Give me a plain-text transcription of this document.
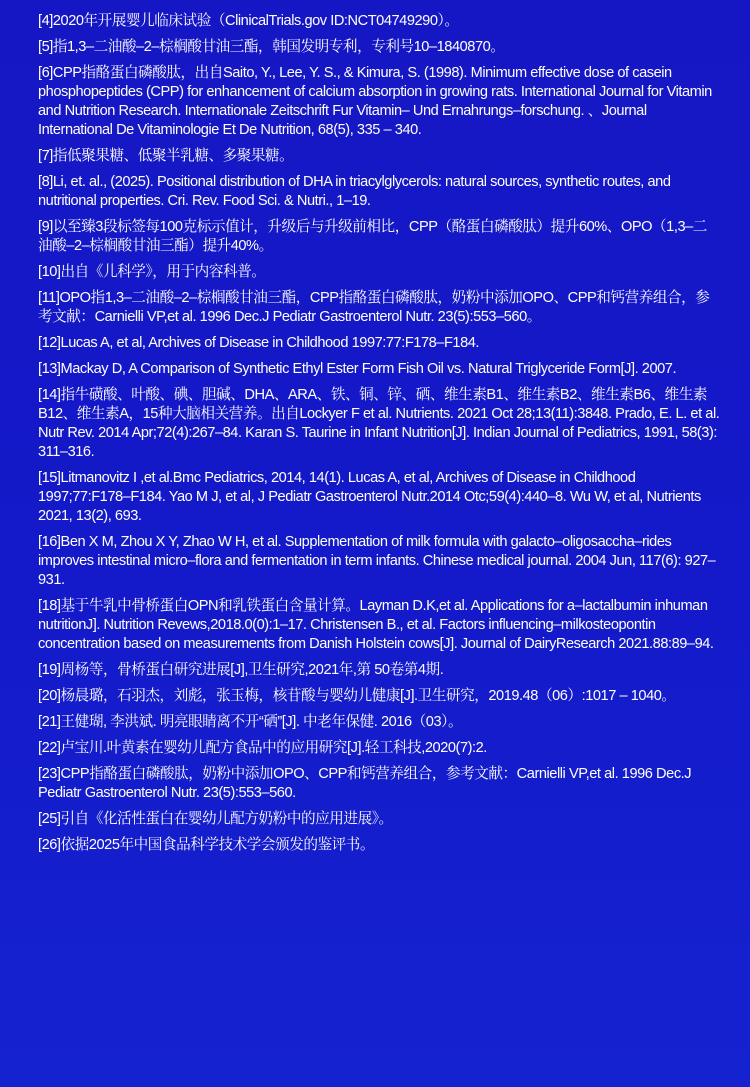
[4]2020年开展婴儿临床试验（ClinicalTrials.gov ID:NCT04749290）。
[5]指1,3–二油酸–2–棕榈酸甘油三酯，韩国发明专利，专利号10–1840870。
[6]CPP指酪蛋白磷酸肽，出自Saito, Y., Lee, Y. S., & Kimura, S. (1998). Minimum effective dose of casein phosphopeptides (CPP) for enhancement of calcium absorption in growing rats. International Journal for Vitamin and Nutrition Research. Internationale Zeitschrift Fur Vitamin– Und Ernahrungs–forschung. 、Journal International De Vitaminologie Et De Nutrition, 68(5), 335 – 340.
[7]指低聚果糖、低聚半乳糖、多聚果糖。
[8]Li, et. al., (2025). Positional distribution of DHA in triacylglycerols: natural sources, synthetic routes, and nutritional properties. Cri. Rev. Food Sci. & Nutri., 1–19.
[9]以至臻3段标签每100克标示值计，升级后与升级前相比，CPP（酪蛋白磷酸肽）提升60%、OPO（1,3–二油酸–2–棕榈酸甘油三酯）提升40%。
[10]出自《儿科学》，用于内容科普。
[11]OPO指1,3–二油酸–2–棕榈酸甘油三酯，CPP指酪蛋白磷酸肽，奶粉中添加OPO、CPP和钙营养组合，参考文献：Carnielli VP,et al. 1996 Dec.J Pediatr Gastroenterol Nutr. 23(5):553–560。
[12]Lucas A, et al, Archives of Disease in Childhood 1997:77:F178–F184.
[13]Mackay D, A Comparison of Synthetic Ethyl Ester Form Fish Oil vs. Natural Triglyceride Form[J]. 2007.
[14]指牛磺酸、叶酸、碘、胆碱、DHA、ARA、铁、铜、锌、硒、维生素B1、维生素B2、维生素B6、维生素B12、维生素A，15种大脑相关营养。出自Lockyer F et al. Nutrients. 2021 Oct 28;13(11):3848. Prado, E. L. et al. Nutr Rev. 2014 Apr;72(4):267–84. Karan S. Taurine in Infant Nutrition[J]. Indian Journal of Pediatrics, 1991, 58(3): 311–316.
[15]Litmanovitz I ,et al.Bmc Pediatrics, 2014, 14(1). Lucas A, et al, Archives of Disease in Childhood 1997;77:F178–F184. Yao M J, et al, J Pediatr Gastroenterol Nutr.2014 Otc;59(4):440–8. Wu W, et al, Nutrients 2021, 13(2), 693.
[16]Ben X M, Zhou X Y, Zhao W H, et al. Supplementation of milk formula with galacto–oligosaccha–rides improves intestinal micro–flora and fermentation in term infants. Chinese medical journal. 2004 Jun, 117(6): 927–931.
[18]基于牛乳中骨桥蛋白OPN和乳铁蛋白含量计算。Layman D.K,et al. Applications for a–lactalbumin inhuman nutritionJ]. Nutrition Revews,2018.0(0):1–17. Christensen B., et al. Factors influencing–milkosteopontin concentration based on measurements from Danish Holstein cows[J]. Journal of DairyResearch 2021.88:89–94.
[19]周杨等，骨桥蛋白研究进展[J],卫生研究,2021年,第 50卷第4期.
[20]杨晨璐，石羽杰，刘彪，张玉梅，核苷酸与婴幼儿健康[J].卫生研究，2019.48（06）:1017 – 1040。
[21]王健瑚, 李洪斌. 明亮眼睛离不开“硒”[J]. 中老年保健. 2016（03）。
[22]卢宝川.叶黄素在婴幼儿配方食品中的应用研究[J].轻工科技,2020(7):2.
[23]CPP指酪蛋白磷酸肽，奶粉中添加OPO、CPP和钙营养组合，参考文献：Carnielli VP,et al. 1996 Dec.J Pediatr Gastroenterol Nutr. 23(5):553–560.
[25]引自《化活性蛋白在婴幼儿配方奶粉中的应用进展》。
[26]依据2025年中国食品科学技术学会颁发的鉴评书。
